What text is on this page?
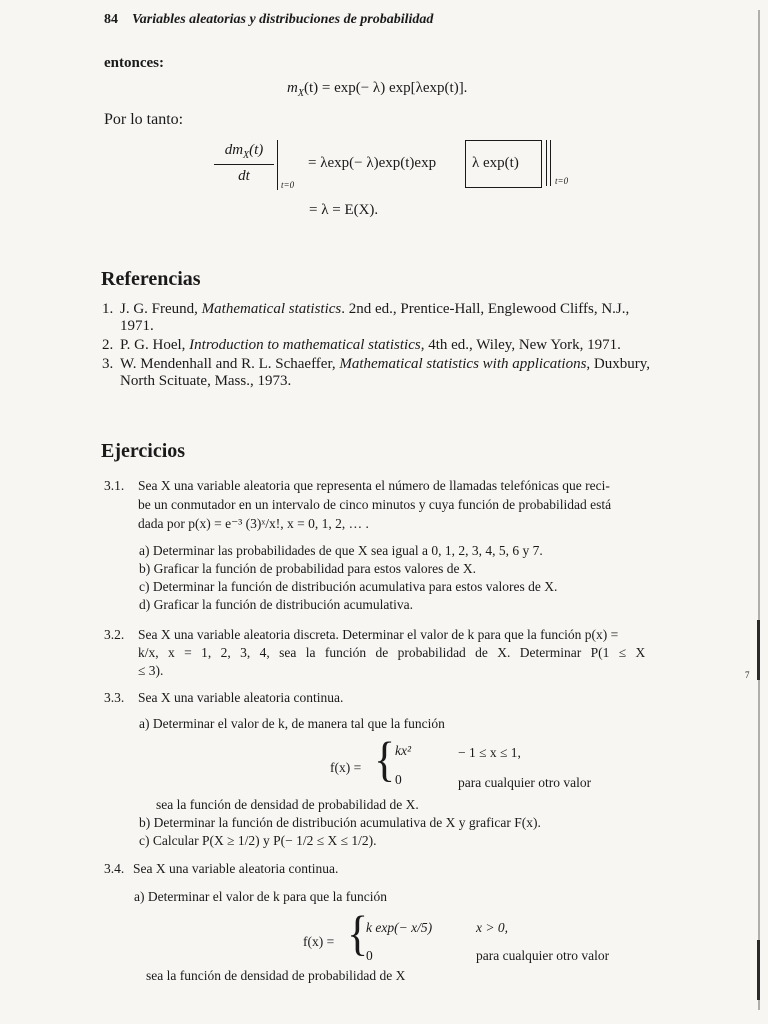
84 Variables aleatorias y distribuciones de probabilidad
entonces:
$m_X(t) = \exp(- \lambda)$ exp[λexp(t)].
Por lo tanto:
$dm_X(t)$
dt
t=0
= λexp(− λ)exp(t)exp λ exp(t)
t=0
= λ = E(X).
Referencias
1. J. G. Freund, Mathematical statistics. 2nd ed., Prentice-Hall, Englewood Cliffs, N.J.,
1971.
2. P. G. Hoel, Introduction to mathematical statistics, 4th ed., Wiley, New York, 1971.
3. W. Mendenhall and R. L. Schaeffer, Mathematical statistics with applications, Duxbury,
North Scituate, Mass., 1973.
Ejercicios
3.1. Sea X una variable aleatoria que representa el número de llamadas telefónicas que reci-
be un conmutador en un intervalo de cinco minutos y cuya función de probabilidad está
dada por p(x) = e⁻³ (3)ˣ/x!, x = 0, 1, 2, … .
a) Determinar las probabilidades de que X sea igual a 0, 1, 2, 3, 4, 5, 6 y 7.
b) Graficar la función de probabilidad para estos valores de X.
c) Determinar la función de distribución acumulativa para estos valores de X.
d) Graficar la función de distribución acumulativa.
3.2. Sea X una variable aleatoria discreta. Determinar el valor de k para que la función p(x) =
k/x, x = 1, 2, 3, 4, sea la función de probabilidad de X. Determinar P(1 ≤ X
≤ 3).
3.3. Sea X una variable aleatoria continua.
a) Determinar el valor de k, de manera tal que la función
f(x) = { kx²	− 1 ≤ x ≤ 1,
0	para cualquier otro valor
sea la función de densidad de probabilidad de X.
b) Determinar la función de distribución acumulativa de X y graficar F(x).
c) Calcular P(X ≥ 1/2) y P(− 1/2 ≤ X ≤ 1/2).
3.4. Sea X una variable aleatoria continua.
a) Determinar el valor de k para que la función
f(x) = {
k exp(− x/5)	x > 0,
0	para cualquier otro valor
sea la función de densidad de probabilidad de X
7
